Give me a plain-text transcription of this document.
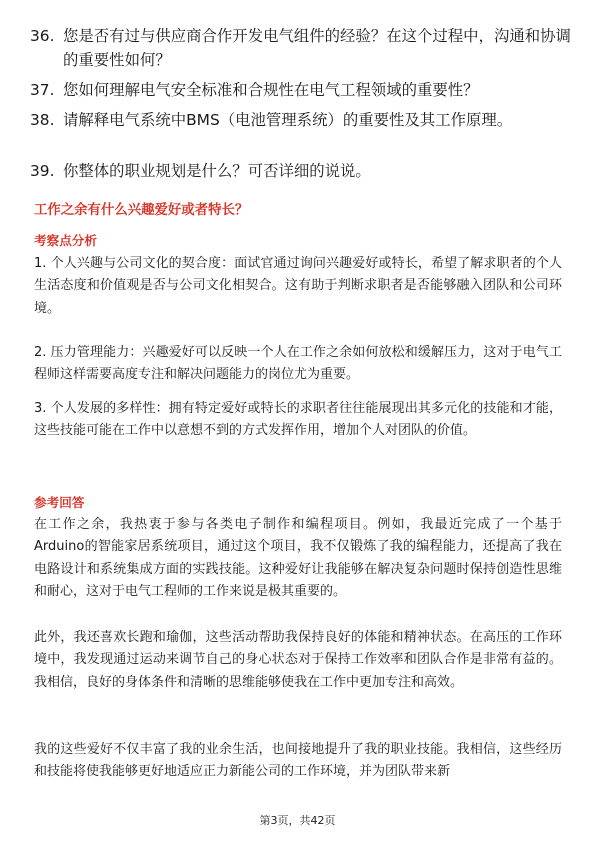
36. 您是否有过与供应商合作开发电气组件的经验？在这个过程中，沟通和协调的重要性如何？
37. 您如何理解电气安全标准和合规性在电气工程领域的重要性？
38. 请解释电气系统中BMS（电池管理系统）的重要性及其工作原理。
39. 你整体的职业规划是什么？可否详细的说说。
工作之余有什么兴趣爱好或者特长？
考察点分析
1. 个人兴趣与公司文化的契合度：面试官通过询问兴趣爱好或特长，希望了解求职者的个人生活态度和价值观是否与公司文化相契合。这有助于判断求职者是否能够融入团队和公司环境。
2. 压力管理能力：兴趣爱好可以反映一个人在工作之余如何放松和缓解压力，这对于电气工程师这样需要高度专注和解决问题能力的岗位尤为重要。
3. 个人发展的多样性：拥有特定爱好或特长的求职者往往能展现出其多元化的技能和才能，这些技能可能在工作中以意想不到的方式发挥作用，增加个人对团队的价值。
参考回答
在工作之余，我热衷于参与各类电子制作和编程项目。例如，我最近完成了一个基于Arduino的智能家居系统项目，通过这个项目，我不仅锻炼了我的编程能力，还提高了我在电路设计和系统集成方面的实践技能。这种爱好让我能够在解决复杂问题时保持创造性思维和耐心，这对于电气工程师的工作来说是极其重要的。
此外，我还喜欢长跑和瑜伽，这些活动帮助我保持良好的体能和精神状态。在高压的工作环境中，我发现通过运动来调节自己的身心状态对于保持工作效率和团队合作是非常有益的。我相信，良好的身体条件和清晰的思维能够使我在工作中更加专注和高效。
我的这些爱好不仅丰富了我的业余生活，也间接地提升了我的职业技能。我相信，这些经历和技能将使我能够更好地适应正力新能公司的工作环境，并为团队带来新
第3页，共42页
